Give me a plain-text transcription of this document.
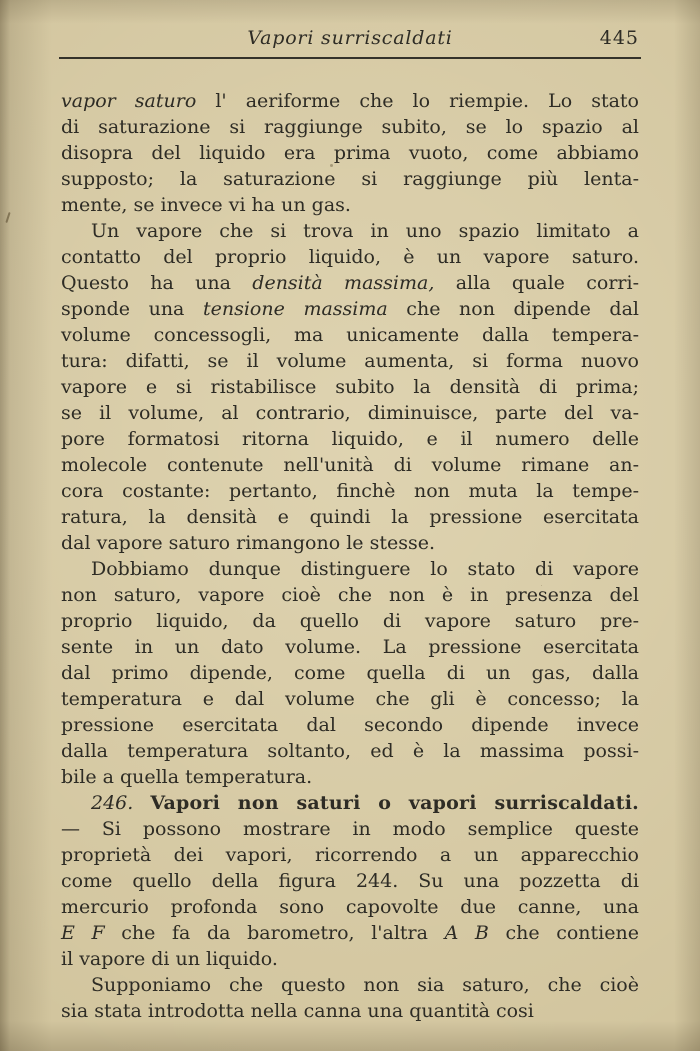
Vapori surriscaldati	445
vapor saturo l' aeriforme che lo riempie. Lo stato
di saturazione si raggiunge subito, se lo spazio al
disopra del liquido era prima vuoto, come abbiamo
supposto; la saturazione si raggiunge più lenta-
mente, se invece vi ha un gas.
Un vapore che si trova in uno spazio limitato a
contatto del proprio liquido, è un vapore saturo.
Questo ha una densità massima, alla quale corri-
sponde una tensione massima che non dipende dal
volume concessogli, ma unicamente dalla tempera-
tura: difatti, se il volume aumenta, si forma nuovo
vapore e si ristabilisce subito la densità di prima;
se il volume, al contrario, diminuisce, parte del va-
pore formatosi ritorna liquido, e il numero delle
molecole contenute nell'unità di volume rimane an-
cora costante: pertanto, finchè non muta la tempe-
ratura, la densità e quindi la pressione esercitata
dal vapore saturo rimangono le stesse.
Dobbiamo dunque distinguere lo stato di vapore
non saturo, vapore cioè che non è in presenza del
proprio liquido, da quello di vapore saturo pre-
sente in un dato volume. La pressione esercitata
dal primo dipende, come quella di un gas, dalla
temperatura e dal volume che gli è concesso; la
pressione esercitata dal secondo dipende invece
dalla temperatura soltanto, ed è la massima possi-
bile a quella temperatura.
246. Vapori non saturi o vapori surriscaldati.
— Si possono mostrare in modo semplice queste
proprietà dei vapori, ricorrendo a un apparecchio
come quello della figura 244. Su una pozzetta di
mercurio profonda sono capovolte due canne, una
E F che fa da barometro, l'altra A B che contiene
il vapore di un liquido.
Supponiamo che questo non sia saturo, che cioè
sia stata introdotta nella canna una quantità cosi
